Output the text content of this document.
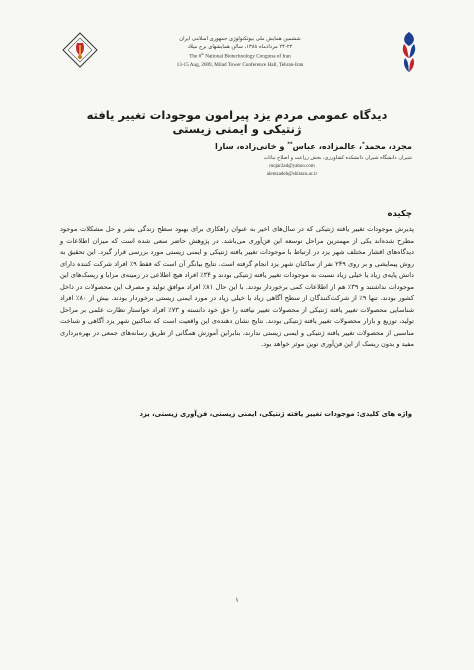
ششمین همایش ملی بیوتکنولوژی جمهوری اسلامی ایران
۲۴-۲۲ مردادماه ۱۳۸۸، سالن همایشهای برج میلاد
The 6th National Biotechnology Congress of Iran
13-15 Aug, 2009, Milad Tower Conference Hall, Tehran-Iran
دیدگاه عمومی مردم یزد پیرامون موجودات تغییر یافته ژنتیکی و ایمنی زیستی
مجرد، محمد*، عالمزاده، عباس** و خانی‌زاده، سارا
شیراز، دانشگاه شیراز، دانشکده کشاورزی، بخش زراعت و اصلاح نباتات
mojar2ad@yahoo.com
alemzadeh@shirazu.ac.ir
چکیده
پذیرش موجودات تغییر یافته ژنتیکی که در سال‌های اخیر به عنوان راهکاری برای بهبود سطح زندگی بشر و حل مشکلات موجود مطرح شده‌اند یکی از مهمترین مراحل توسعه این فن‌آوری می‌باشد. در پژوهش حاضر سعی شده است که میزان اطلاعات و دیدگاه‌های اقشار مختلف شهر یزد در ارتباط با موجودات تغییر یافته ژنتیکی و ایمنی زیستی مورد بررسی قرار گیرد. این تحقیق به روش پیمایشی و بر روی ۲۴۹ نفر از ساکنان شهر یزد انجام گرفته است. نتایج بیانگر آن است که فقط ۹٪ افراد شرکت کننده دارای دانش پایه‌ی زیاد یا خیلی زیاد نسبت به موجودات تغییر یافته ژنتیکی بودند و ۳۴٪ افراد هیچ اطلاعی در زمینه‌ی مزایا و ریسک‌های این موجودات نداشتند و ۳۹٪ هم از اطلاعات کمی برخوردار بودند. با این حال ۸۱٪ افراد موافق تولید و مصرف این محصولات در داخل کشور بودند. تنها ۹٪ از شرکت‌کنندگان از سطح آگاهی زیاد یا خیلی زیاد در مورد ایمنی زیستی برخوردار بودند. بیش از ۸۰٪ افراد شناسایی محصولات تغییر یافته ژنتیکی از محصولات تغییر نیافته را حق خود دانسته و ۷۳٪ افراد خواستار نظارت علمی بر مراحل تولید، توزیع و بازار محصولات تغییر یافته ژنتیکی بودند. نتایج نشان دهنده‌ی این واقعیت است که ساکنین شهر یزد آگاهی و شناخت مناسبی از محصولات تغییر یافته ژنتیکی و ایمنی زیستی ندارند، بنابراین آموزش همگانی از طریق رسانه‌های جمعی در بهره‌برداری مفید و بدون ریسک از این فن‌آوری نوین موثر خواهد بود.
واژه های کلیدی: موجودات تغییر یافته ژنتیکی، ایمنی زیستی، فن‌آوری زیستی، یزد
۱
